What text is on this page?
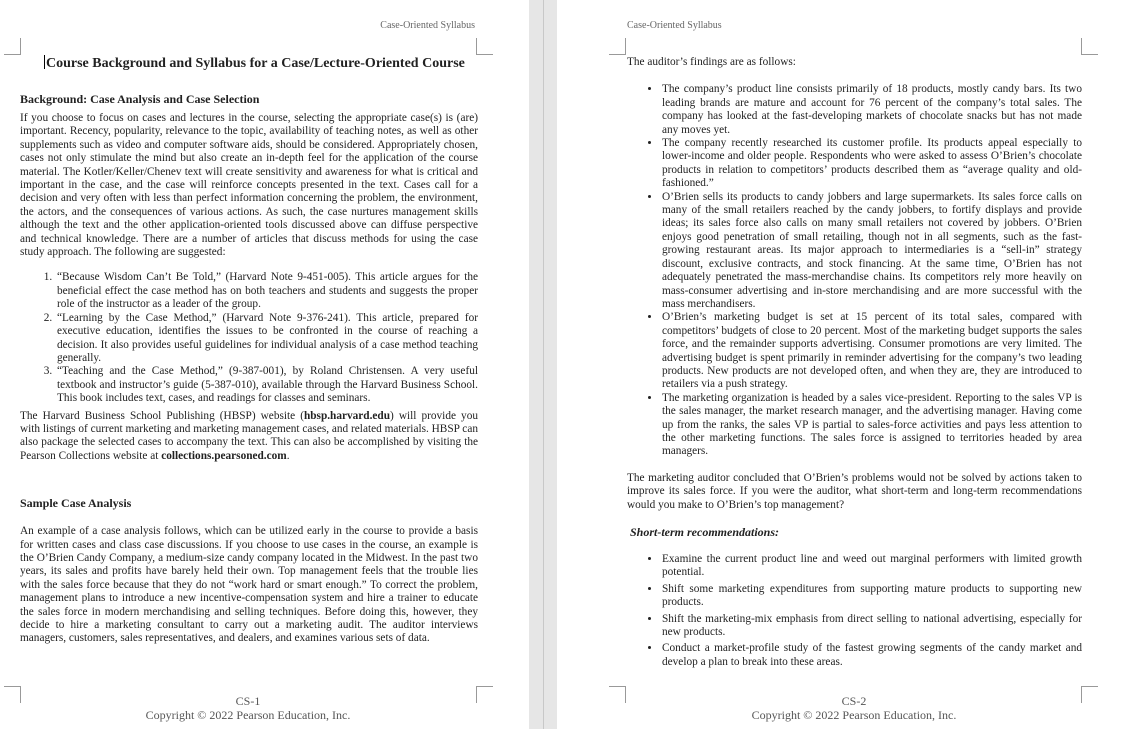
Case-Oriented Syllabus
Course Background and Syllabus for a Case/Lecture-Oriented Course
Background: Case Analysis and Case Selection

If you choose to focus on cases and lectures in the course, selecting the appropriate case(s) is (are) important. Recency, popularity, relevance to the topic, availability of teaching notes, as well as other supplements such as video and computer software aids, should be considered. Appropriately chosen, cases not only stimulate the mind but also create an in-depth feel for the application of the course material. The Kotler/Keller/Chenev text will create sensitivity and awareness for what is critical and important in the case, and the case will reinforce concepts presented in the text. Cases call for a decision and very often with less than perfect information concerning the problem, the environment, the actors, and the consequences of various actions. As such, the case nurtures management skills although the text and the other application-oriented tools discussed above can diffuse perspective and technical knowledge. There are a number of articles that discuss methods for using the case study approach. The following are suggested:

1. “Because Wisdom Can’t Be Told,” (Harvard Note 9-451-005). This article argues for the beneficial effect the case method has on both teachers and students and suggests the proper role of the instructor as a leader of the group.
2. “Learning by the Case Method,” (Harvard Note 9-376-241). This article, prepared for executive education, identifies the issues to be confronted in the course of reaching a decision. It also provides useful guidelines for individual analysis of a case method teaching generally.
3. “Teaching and the Case Method,” (9-387-001), by Roland Christensen. A very useful textbook and instructor’s guide (5-387-010), available through the Harvard Business School. This book includes text, cases, and readings for classes and seminars.

The Harvard Business School Publishing (HBSP) website (hbsp.harvard.edu) will provide you with listings of current marketing and marketing management cases, and related materials. HBSP can also package the selected cases to accompany the text. This can also be accomplished by visiting the Pearson Collections website at collections.pearsoned.com.

Sample Case Analysis

An example of a case analysis follows, which can be utilized early in the course to provide a basis for written cases and class case discussions. If you choose to use cases in the course, an example is the O’Brien Candy Company, a medium-size candy company located in the Midwest. In the past two years, its sales and profits have barely held their own. Top management feels that the trouble lies with the sales force because that they do not “work hard or smart enough.” To correct the problem, management plans to introduce a new incentive-compensation system and hire a trainer to educate the sales force in modern merchandising and selling techniques. Before doing this, however, they decide to hire a marketing consultant to carry out a marketing audit. The auditor interviews managers, customers, sales representatives, and dealers, and examines various sets of data.

CS-1
Copyright © 2022 Pearson Education, Inc.
Case-Oriented Syllabus

The auditor’s findings are as follows:

• The company’s product line consists primarily of 18 products, mostly candy bars. Its two leading brands are mature and account for 76 percent of the company’s total sales. The company has looked at the fast-developing markets of chocolate snacks but has not made any moves yet.
• The company recently researched its customer profile. Its products appeal especially to lower-income and older people. Respondents who were asked to assess O’Brien’s chocolate products in relation to competitors’ products described them as “average quality and old-fashioned.”
• O’Brien sells its products to candy jobbers and large supermarkets. Its sales force calls on many of the small retailers reached by the candy jobbers, to fortify displays and provide ideas; its sales force also calls on many small retailers not covered by jobbers. O’Brien enjoys good penetration of small retailing, though not in all segments, such as the fast-growing restaurant areas. Its major approach to intermediaries is a “sell-in” strategy discount, exclusive contracts, and stock financing. At the same time, O’Brien has not adequately penetrated the mass-merchandise chains. Its competitors rely more heavily on mass-consumer advertising and in-store merchandising and are more successful with the mass merchandisers.
• O’Brien’s marketing budget is set at 15 percent of its total sales, compared with competitors’ budgets of close to 20 percent. Most of the marketing budget supports the sales force, and the remainder supports advertising. Consumer promotions are very limited. The advertising budget is spent primarily in reminder advertising for the company’s two leading products. New products are not developed often, and when they are, they are introduced to retailers via a push strategy.
• The marketing organization is headed by a sales vice-president. Reporting to the sales VP is the sales manager, the market research manager, and the advertising manager. Having come up from the ranks, the sales VP is partial to sales-force activities and pays less attention to the other marketing functions. The sales force is assigned to territories headed by area managers.

The marketing auditor concluded that O’Brien’s problems would not be solved by actions taken to improve its sales force. If you were the auditor, what short-term and long-term recommendations would you make to O’Brien’s top management?

Short-term recommendations:
• Examine the current product line and weed out marginal performers with limited growth potential.
• Shift some marketing expenditures from supporting mature products to supporting new products.
• Shift the marketing-mix emphasis from direct selling to national advertising, especially for new products.
• Conduct a market-profile study of the fastest growing segments of the candy market and develop a plan to break into these areas.
CS-2
Copyright © 2022 Pearson Education, Inc.
